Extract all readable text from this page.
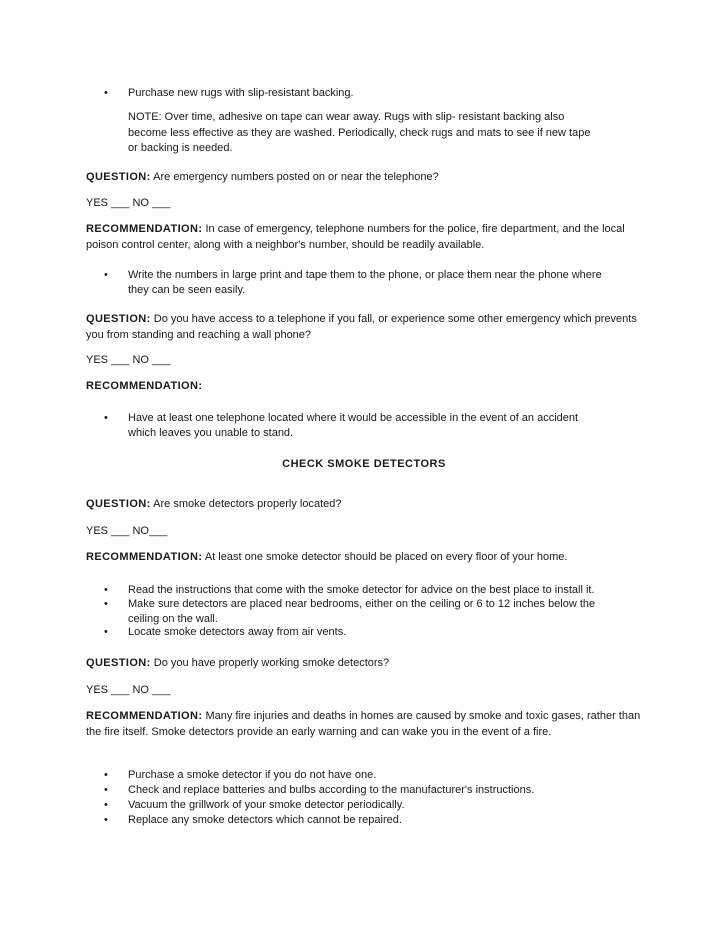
•	Purchase new rugs with slip-resistant backing.
NOTE: Over time, adhesive on tape can wear away. Rugs with slip- resistant backing also
become less effective as they are washed. Periodically, check rugs and mats to see if new tape
or backing is needed.
QUESTION: Are emergency numbers posted on or near the telephone?
YES ___ NO ___
RECOMMENDATION: In case of emergency, telephone numbers for the police, fire department, and the local poison control center, along with a neighbor's number, should be readily available.
•	Write the numbers in large print and tape them to the phone, or place them near the phone where
they can be seen easily.
QUESTION: Do you have access to a telephone if you fall, or experience some other emergency which prevents you from standing and reaching a wall phone?
YES ___ NO ___
RECOMMENDATION:
•	Have at least one telephone located where it would be accessible in the event of an accident
which leaves you unable to stand.
CHECK SMOKE DETECTORS
QUESTION: Are smoke detectors properly located?
YES ___ NO___
RECOMMENDATION: At least one smoke detector should be placed on every floor of your home.
•	Read the instructions that come with the smoke detector for advice on the best place to install it.
•	Make sure detectors are placed near bedrooms, either on the ceiling or 6 to 12 inches below the
ceiling on the wall.
•	Locate smoke detectors away from air vents.
QUESTION: Do you have properly working smoke detectors?
YES ___ NO ___
RECOMMENDATION: Many fire injuries and deaths in homes are caused by smoke and toxic gases, rather than the fire itself. Smoke detectors provide an early warning and can wake you in the event of a fire.
•	Purchase a smoke detector if you do not have one.
•	Check and replace batteries and bulbs according to the manufacturer's instructions.
•	Vacuum the grillwork of your smoke detector periodically.
•	Replace any smoke detectors which cannot be repaired.
